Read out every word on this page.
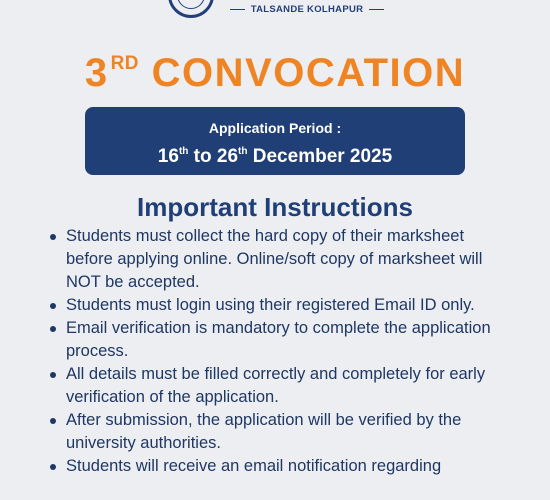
TALSANDE KOLHAPUR
3 $^{RD}$ CONVOCATION
Application Period :
16th to 26th December 2025
Important Instructions
Students must collect the hard copy of their marksheet before applying online. Online/soft copy of marksheet will NOT be accepted.
Students must login using their registered Email ID only.
Email verification is mandatory to complete the application process.
All details must be filled correctly and completely for early verification of the application.
After submission, the application will be verified by the university authorities.
Students will receive an email notification regarding
